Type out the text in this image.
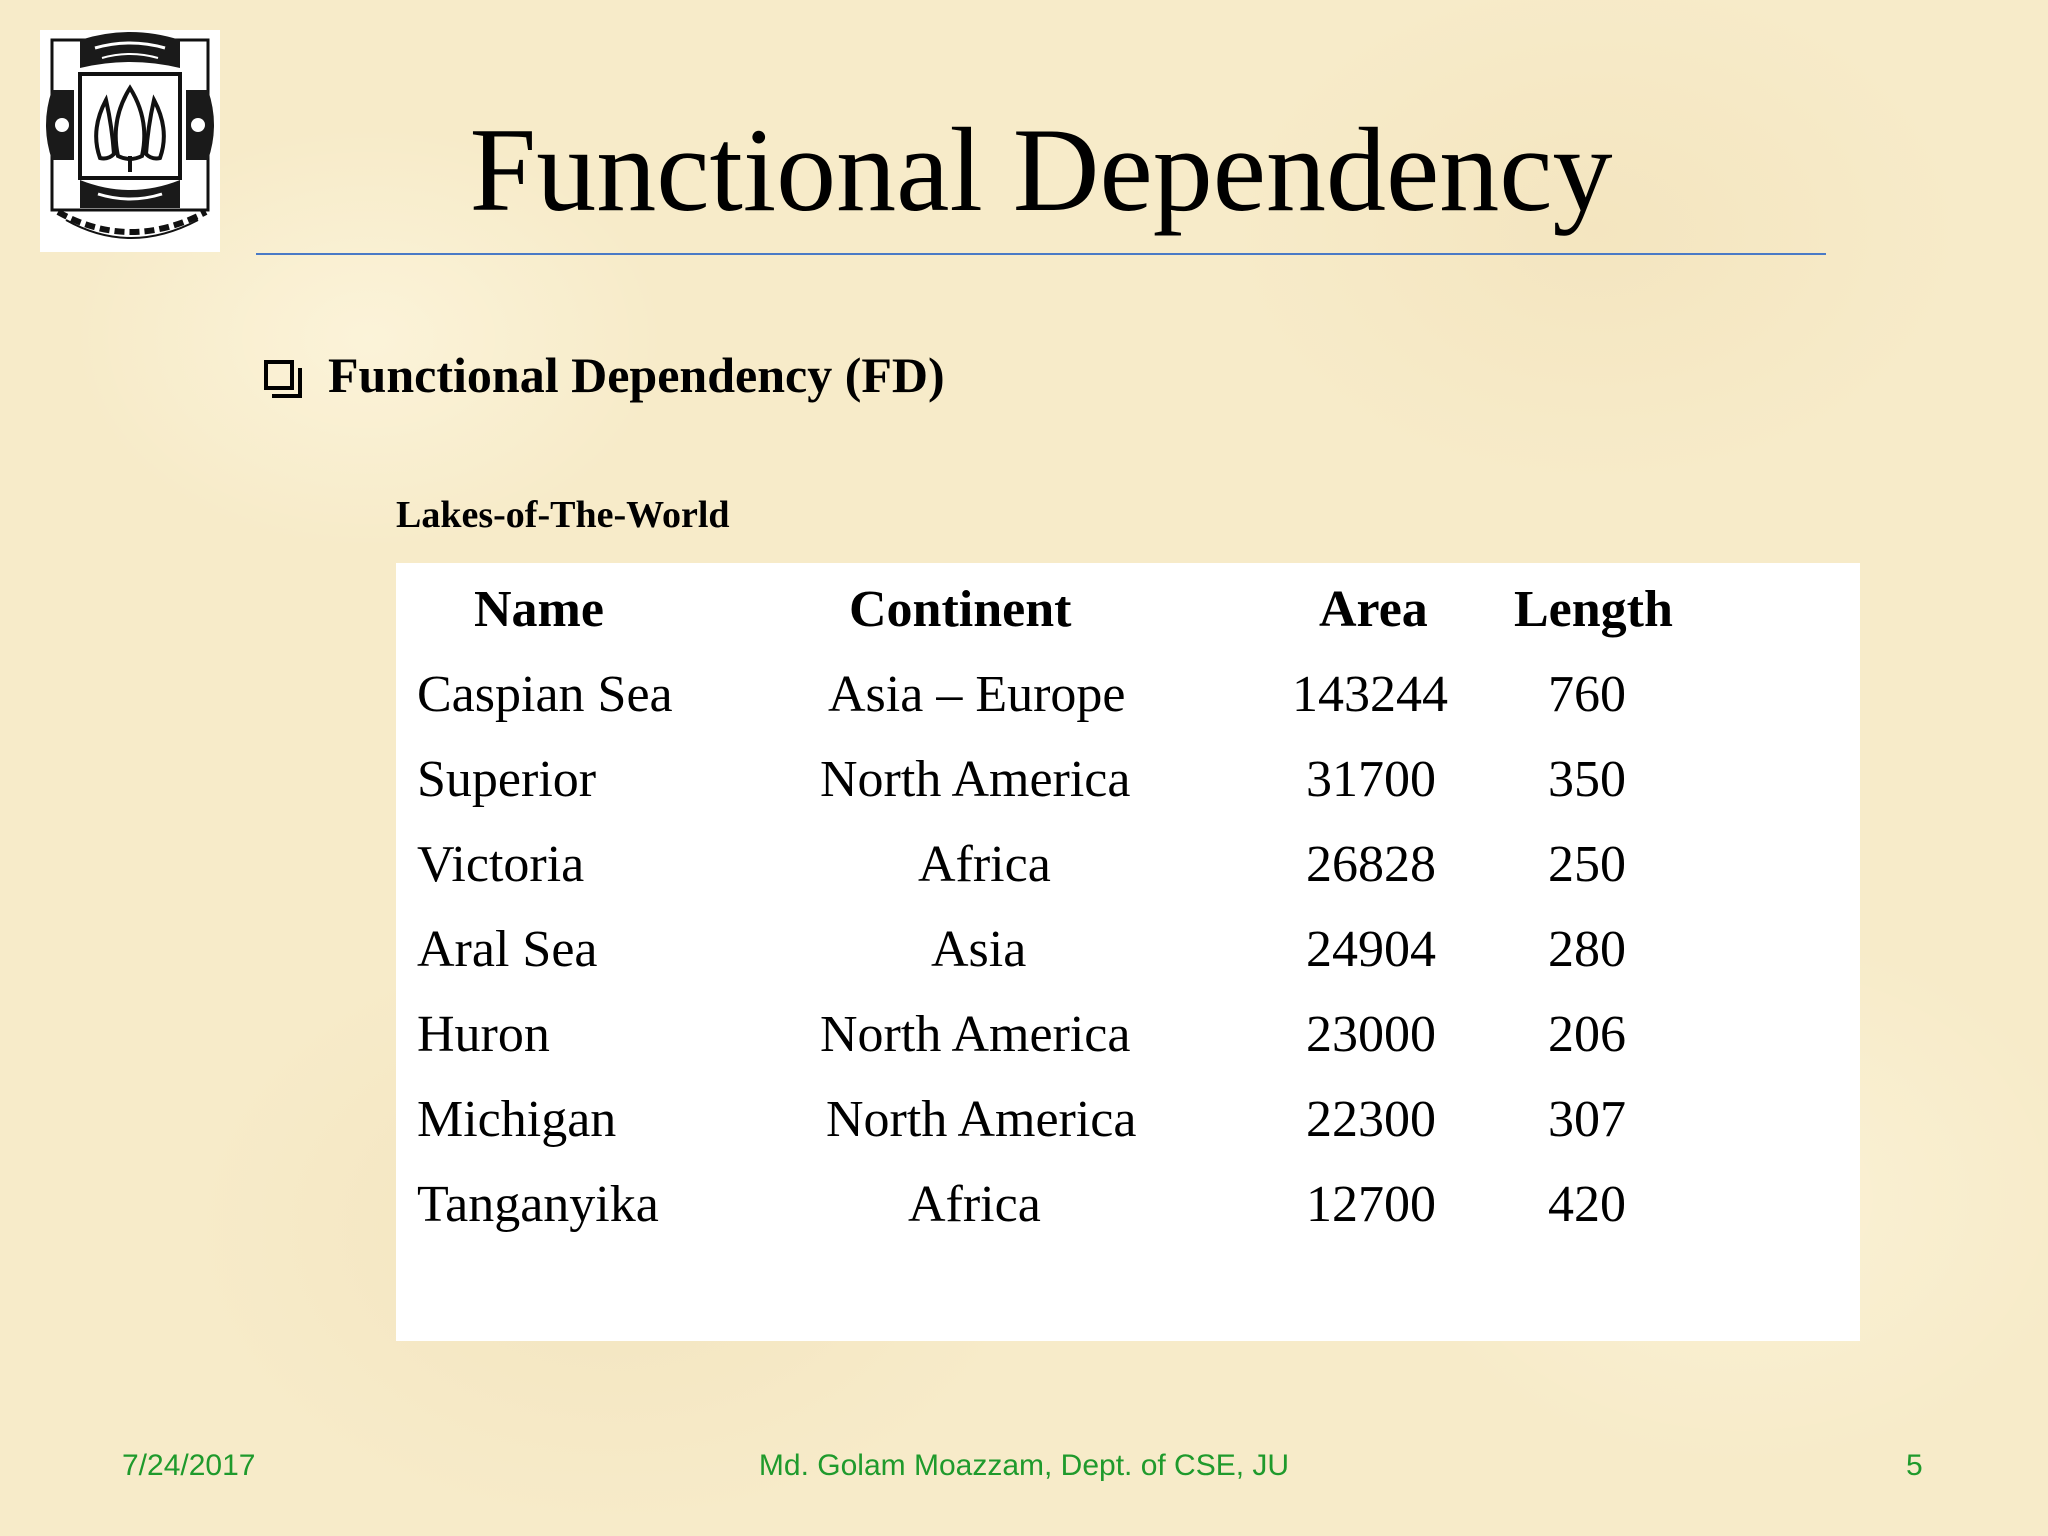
Functional Dependency
Functional Dependency (FD)
Lakes-of-The-World
Name	Continent	Area Length
Caspian Sea	Asia – Europe	143244 760
Superior	North America	31700 350
Victoria	Africa	26828 250
Aral Sea	Asia	24904 280
Huron	North America	23000 206
Michigan	North America	22300 307
Tanganyika	Africa	12700 420
7/24/2017	Md. Golam Moazzam, Dept. of CSE, JU	5
